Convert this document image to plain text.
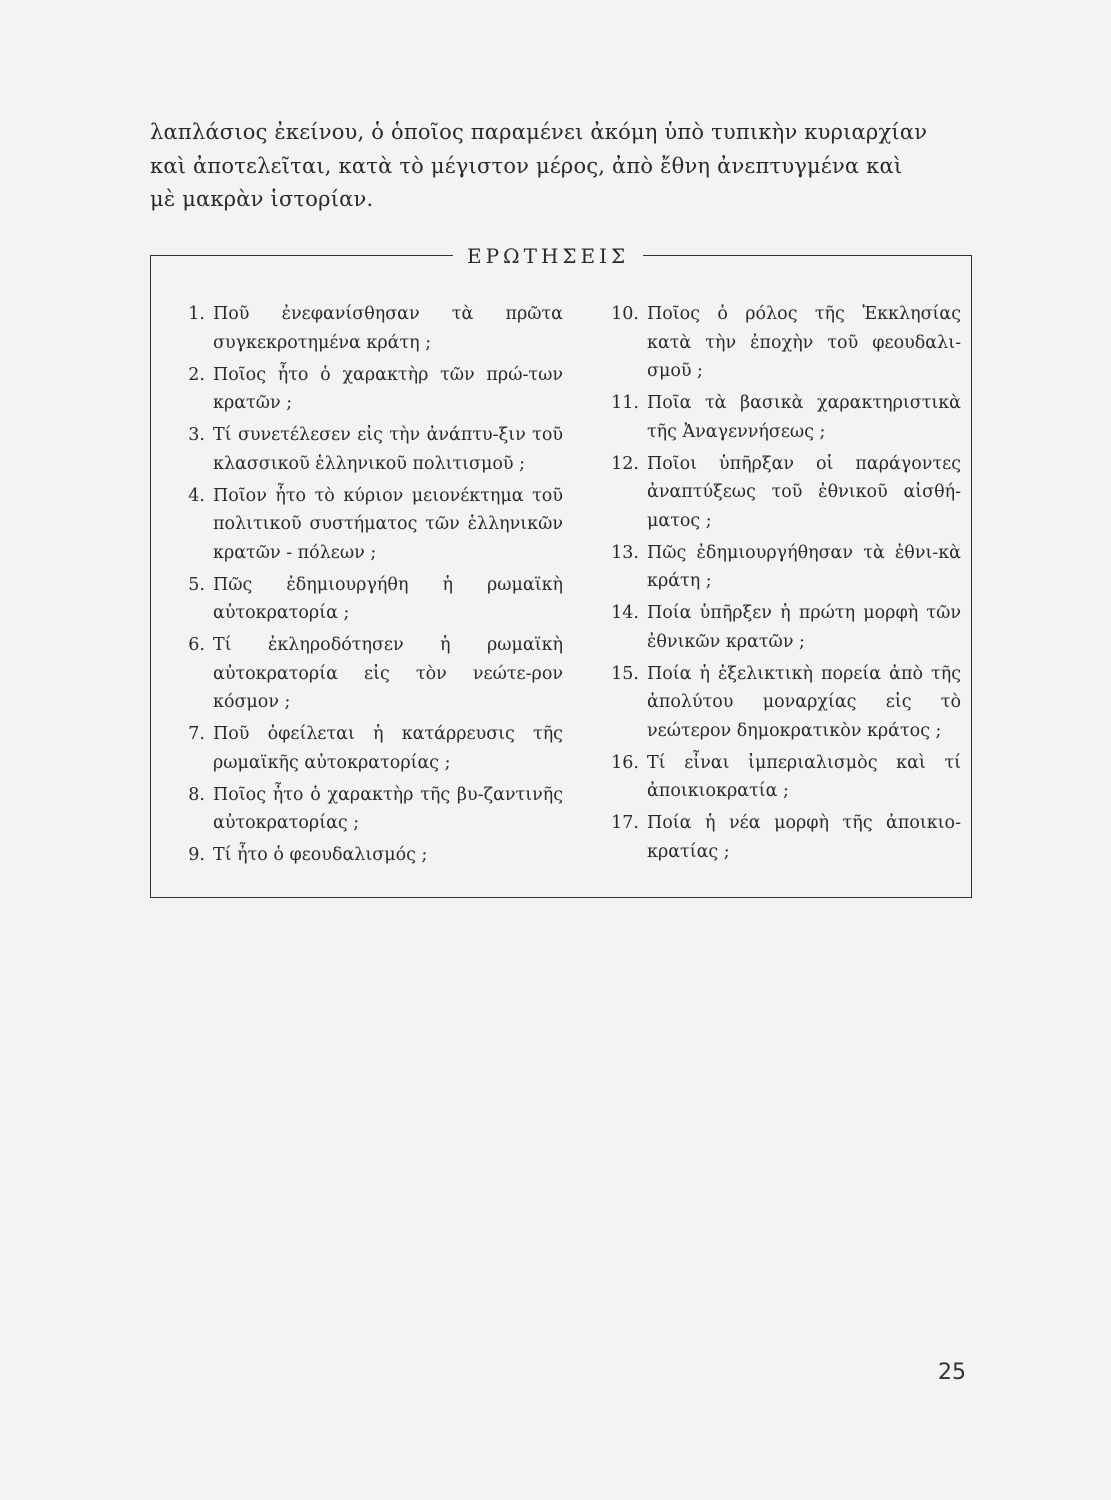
λαπλάσιος ἐκείνου, ὁ ὁποῖος παραμένει ἀκόμη ὑπὸ τυπικὴν κυριαρχίαν

καὶ ἀποτελεῖται, κατὰ τὸ μέγιστον μέρος, ἀπὸ ἔθνη ἀνεπτυγμένα καὶ

μὲ μακρὰν ἱστορίαν.

ΕΡΩΤΗΣΕΙΣ
1. Ποῦ ἐνεφανίσθησαν τὰ πρῶτα συγκεκροτημένα κράτη ;
2. Ποῖος ἦτο ὁ χαρακτὴρ τῶν πρώ-των κρατῶν ;
3. Τί συνετέλεσεν εἰς τὴν ἀνάπτυ-ξιν τοῦ κλασσικοῦ ἑλληνικοῦ πολιτισμοῦ ;
4. Ποῖον ἦτο τὸ κύριον μειονέκτημα τοῦ πολιτικοῦ συστήματος τῶν ἑλληνικῶν κρατῶν - πόλεων ;
5. Πῶς ἐδημιουργήθη ἡ ρωμαϊκὴ αὐτοκρατορία ;
6. Τί ἐκληροδότησεν ἡ ρωμαϊκὴ αὐτοκρατορία εἰς τὸν νεώτε-ρον κόσμον ;
7. Ποῦ ὀφείλεται ἡ κατάρρευσις τῆς ρωμαϊκῆς αὐτοκρατορίας ;
8. Ποῖος ἦτο ὁ χαρακτὴρ τῆς βυ-ζαντινῆς αὐτοκρατορίας ;
9. Τί ἦτο ὁ φεουδαλισμός ;
10. Ποῖος ὁ ρόλος τῆς Ἐκκλησίας κατὰ τὴν ἐποχὴν τοῦ φεουδαλι-σμοῦ ;
11. Ποῖα τὰ βασικὰ χαρακτηριστικὰ τῆς Ἀναγεννήσεως ;
12. Ποῖοι ὑπῆρξαν οἱ παράγοντες ἀναπτύξεως τοῦ ἐθνικοῦ αἰσθή-ματος ;
13. Πῶς ἐδημιουργήθησαν τὰ ἐθνι-κὰ κράτη ;
14. Ποία ὑπῆρξεν ἡ πρώτη μορφὴ τῶν ἐθνικῶν κρατῶν ;
15. Ποία ἡ ἐξελικτικὴ πορεία ἀπὸ τῆς ἀπολύτου μοναρχίας εἰς τὸ νεώτερον δημοκρατικὸν κράτος ;
16. Τί εἶναι ἰμπεριαλισμὸς καὶ τί ἀποικιοκρατία ;
17. Ποία ἡ νέα μορφὴ τῆς ἀποικιο-κρατίας ;
25
